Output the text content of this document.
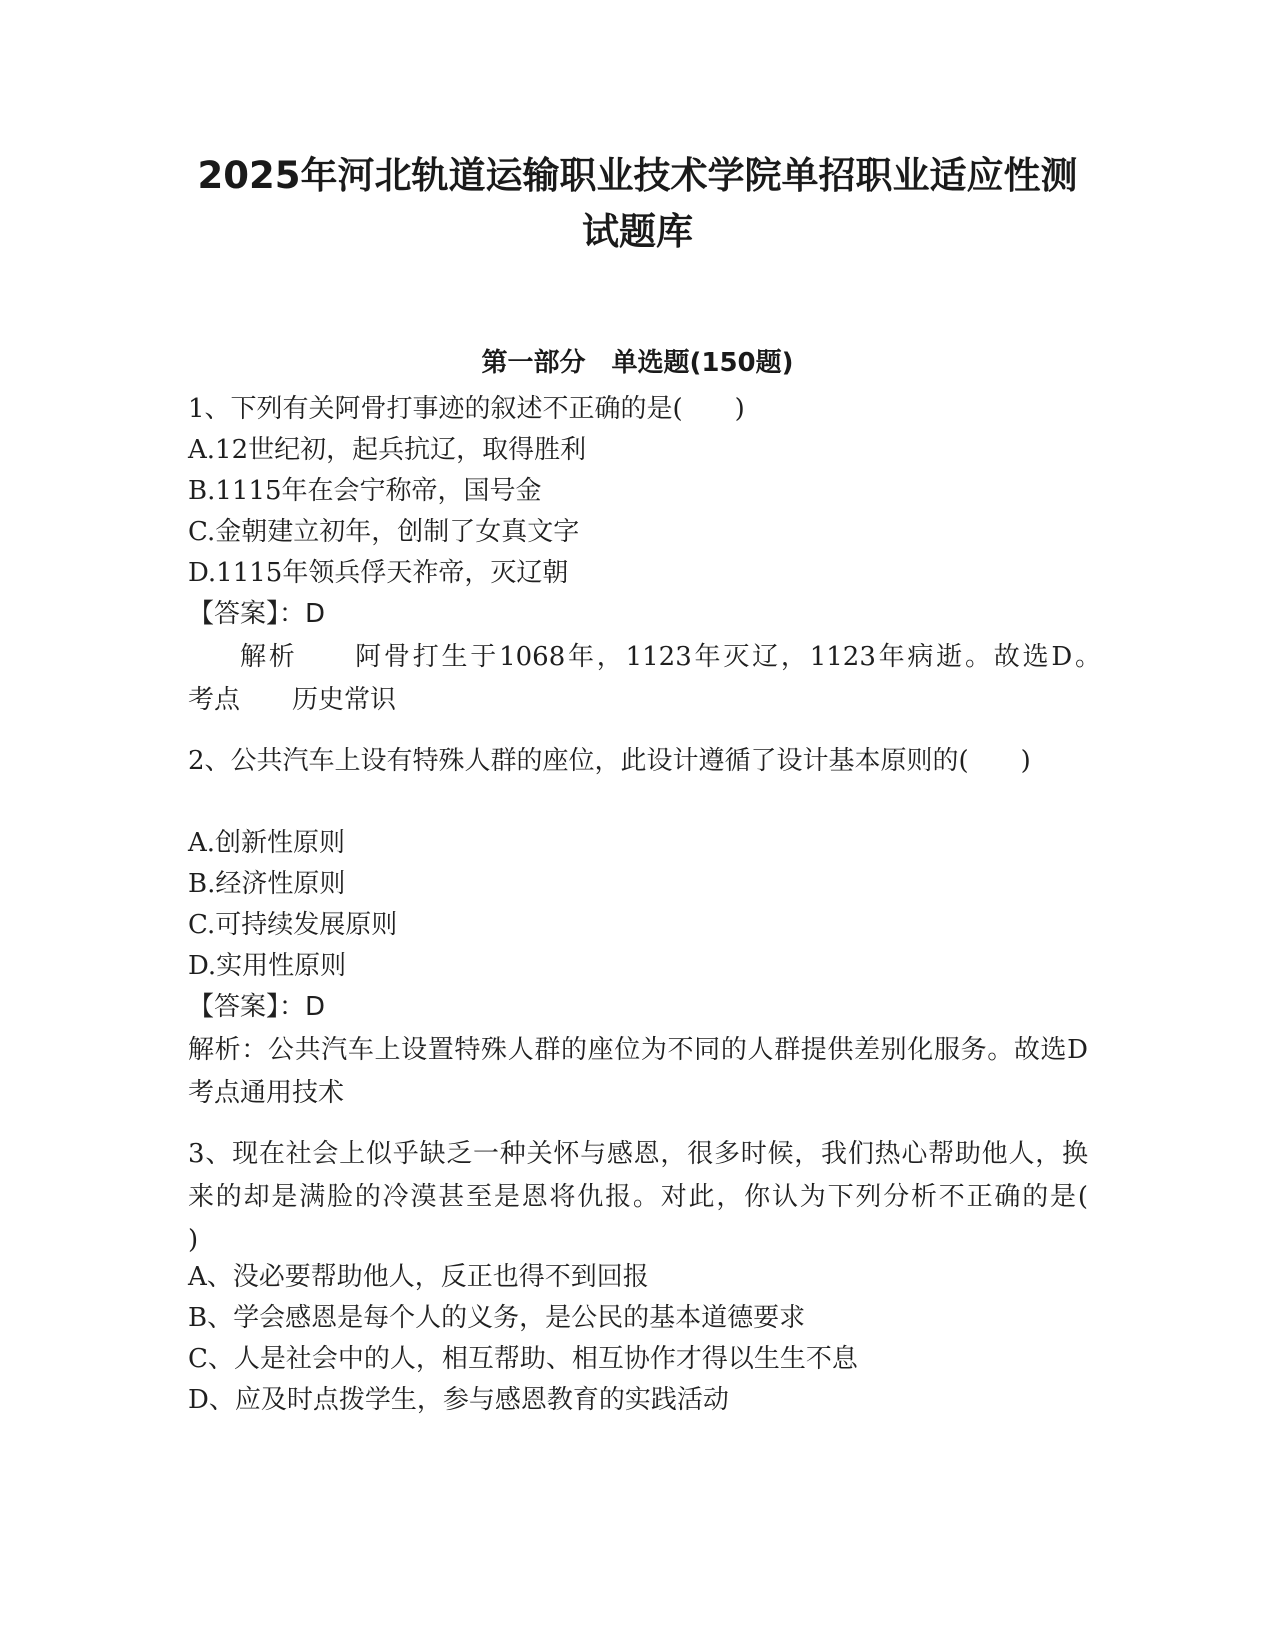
2025年河北轨道运输职业技术学院单招职业适应性测试题库
第一部分　单选题(150题)
1、下列有关阿骨打事迹的叙述不正确的是(　　)
A.12世纪初，起兵抗辽，取得胜利
B.1115年在会宁称帝，国号金
C.金朝建立初年，创制了女真文字
D.1115年领兵俘天祚帝，灭辽朝
【答案】：D
解析　　阿骨打生于1068年，1123年灭辽，1123年病逝。故选D。　　考点　　历史常识
2、公共汽车上设有特殊人群的座位，此设计遵循了设计基本原则的(　　)
A.创新性原则
B.经济性原则
C.可持续发展原则
D.实用性原则
【答案】：D
解析：公共汽车上设置特殊人群的座位为不同的人群提供差别化服务。故选D考点通用技术
3、现在社会上似乎缺乏一种关怀与感恩，很多时候，我们热心帮助他人，换来的却是满脸的冷漠甚至是恩将仇报。对此，你认为下列分析不正确的是(　　)
A、没必要帮助他人，反正也得不到回报
B、学会感恩是每个人的义务，是公民的基本道德要求
C、人是社会中的人，相互帮助、相互协作才得以生生不息
D、应及时点拨学生，参与感恩教育的实践活动
